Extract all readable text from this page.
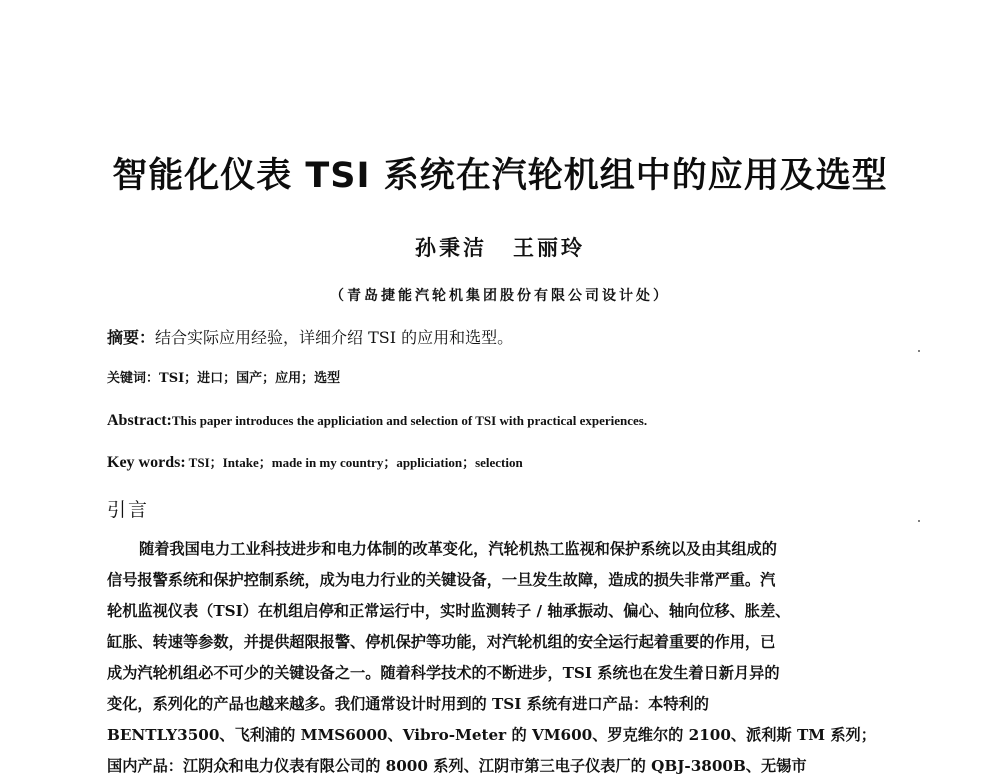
智能化仪表 TSI 系统在汽轮机组中的应用及选型
孙秉洁 王丽玲
（青岛捷能汽轮机集团股份有限公司设计处）
摘要：结合实际应用经验，详细介绍 TSI 的应用和选型。
关键词：TSI；进口；国产；应用；选型
Abstract:This paper introduces the appliciation and selection of TSI with practical experiences.
Key words: TSI；Intake；made in my country；appliciation；selection
引言
随着我国电力工业科技进步和电力体制的改革变化，汽轮机热工监视和保护系统以及由其组成的
信号报警系统和保护控制系统，成为电力行业的关键设备，一旦发生故障，造成的损失非常严重。汽
轮机监视仪表（TSI）在机组启停和正常运行中，实时监测转子 / 轴承振动、偏心、轴向位移、胀差、
缸胀、转速等参数，并提供超限报警、停机保护等功能，对汽轮机组的安全运行起着重要的作用，已
成为汽轮机组必不可少的关键设备之一。随着科学技术的不断进步，TSI 系统也在发生着日新月异的
变化，系列化的产品也越来越多。我们通常设计时用到的 TSI 系统有进口产品：本特利的
BENTLY3500、飞利浦的 MMS6000、Vibro-Meter 的 VM600、罗克维尔的 2100、派利斯 TM 系列；
国内产品：江阴众和电力仪表有限公司的 8000 系列、江阴市第三电子仪表厂的 QBJ-3800B、无锡市
